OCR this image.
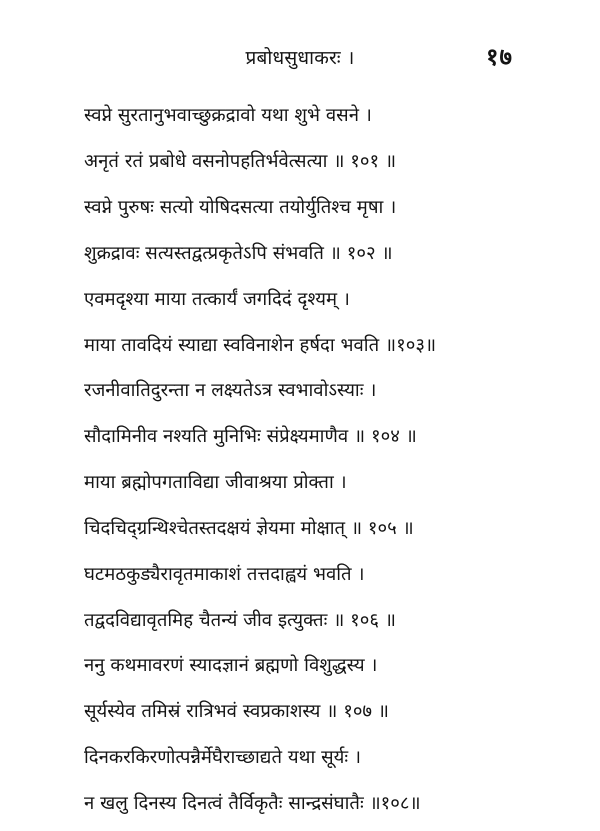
प्रबोधसुधाकरः ।	१७
स्वप्ने सुरतानुभवाच्छुक्रद्रावो यथा शुभे वसने ।
अनृतं रतं प्रबोधे वसनोपहतिर्भवेत्सत्या ॥ १०१ ॥
स्वप्ने पुरुषः सत्यो योषिदसत्या तयोर्युतिश्च मृषा ।
शुक्रद्रावः सत्यस्तद्वत्प्रकृतेऽपि संभवति ॥ १०२ ॥
एवमदृश्या माया तत्कार्यं जगदिदं दृश्यम् ।
माया तावदियं स्याद्या स्वविनाशेन हर्षदा भवति ॥१०३॥
रजनीवातिदुरन्ता न लक्ष्यतेऽत्र स्वभावोऽस्याः ।
सौदामिनीव नश्यति मुनिभिः संप्रेक्ष्यमाणैव ॥ १०४ ॥
माया ब्रह्मोपगताविद्या जीवाश्रया प्रोक्ता ।
चिदचिद्ग्रन्थिश्चेतस्तदक्षयं ज्ञेयमा मोक्षात् ॥ १०५ ॥
घटमठकुड्यैरावृतमाकाशं तत्तदाह्वयं भवति ।
तद्वदविद्यावृतमिह चैतन्यं जीव इत्युक्तः ॥ १०६ ॥
ननु कथमावरणं स्यादज्ञानं ब्रह्मणो विशुद्धस्य ।
सूर्यस्येव तमिस्रं रात्रिभवं स्वप्रकाशस्य ॥ १०७ ॥
दिनकरकिरणोत्पन्नैर्मेघैराच्छाद्यते यथा सूर्यः ।
न खलु दिनस्य दिनत्वं तैर्विकृतैः सान्द्रसंघातैः ॥१०८॥
